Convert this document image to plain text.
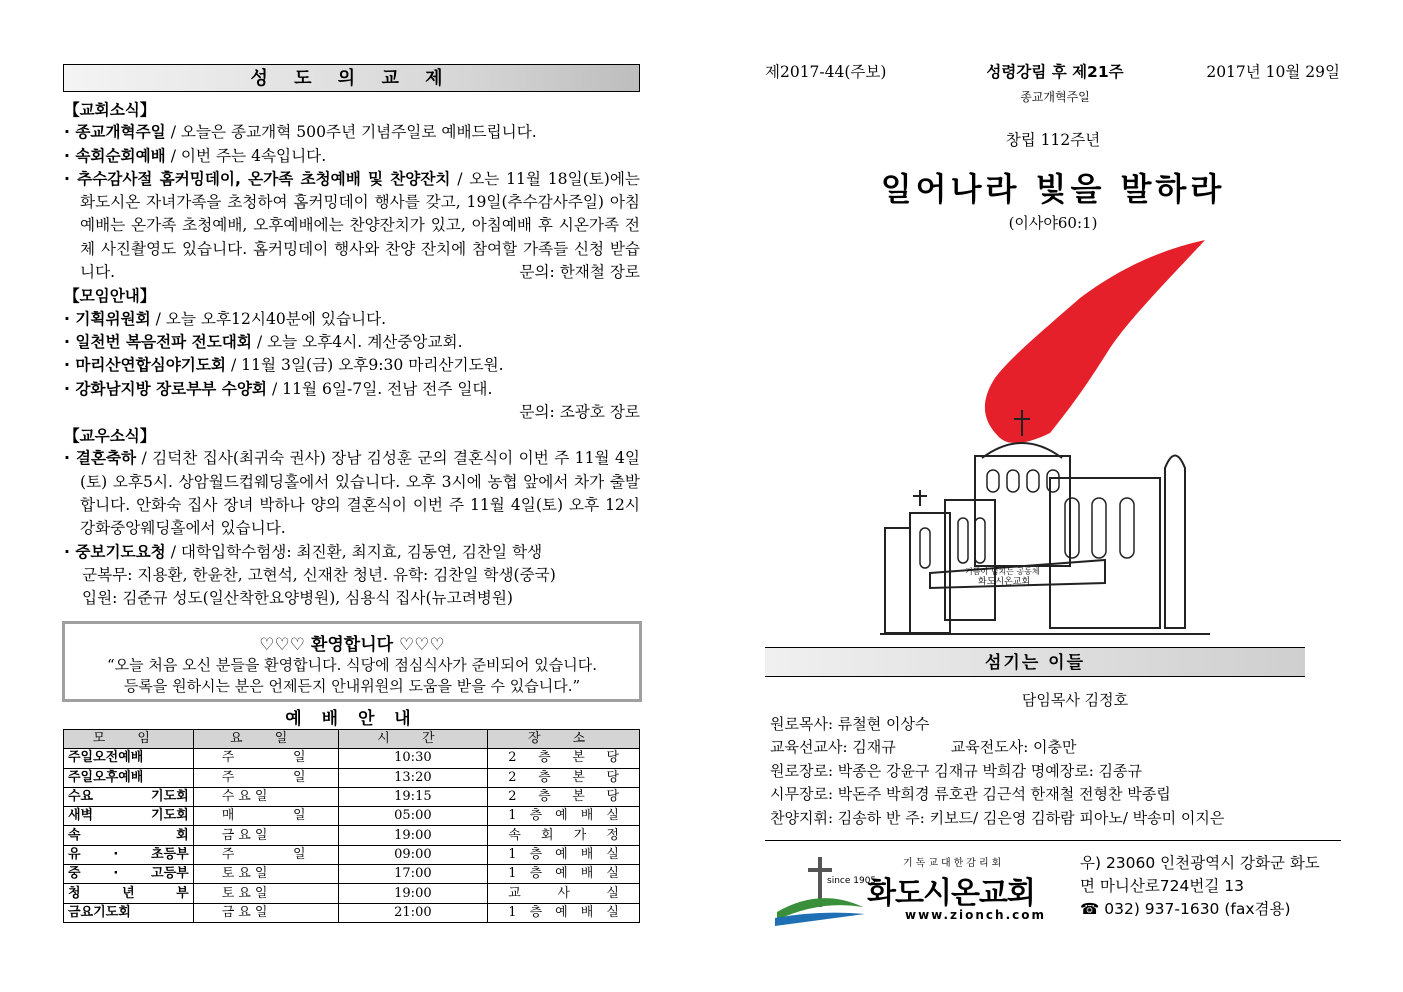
성 도 의 교 제
【교회소식】
· 종교개혁주일 / 오늘은 종교개혁 500주년 기념주일로 예배드립니다.
· 속회순회예배 / 이번 주는 4속입니다.
· 추수감사절 홈커밍데이, 온가족 초청예배 및 찬양잔치 / 오는 11월 18일(토)에는 화도시온 자녀가족을 초청하여 홈커밍데이 행사를 갖고, 19일(추수감사주일) 아침예배는 온가족 초청예배, 오후예배에는 찬양잔치가 있고, 아침예배 후 시온가족 전체 사진촬영도 있습니다. 홈커밍데이 행사와 찬양 잔치에 참여할 가족들 신청 받습니다.	문의: 한재철 장로
【모임안내】
· 기획위원회 / 오늘 오후12시40분에 있습니다.
· 일천번 복음전파 전도대회 / 오늘 오후4시. 계산중앙교회.
· 마리산연합심야기도회 / 11월 3일(금) 오후9:30 마리산기도원.
· 강화남지방 장로부부 수양회 / 11월 6일-7일. 전남 전주 일대.
문의: 조광호 장로
【교우소식】
· 결혼축하 / 김덕찬 집사(최귀숙 권사) 장남 김성훈 군의 결혼식이 이번 주 11월 4일(토) 오후5시. 상암월드컵웨딩홀에서 있습니다. 오후 3시에 농협 앞에서 차가 출발합니다. 안화숙 집사 장녀 박하나 양의 결혼식이 이번 주 11월 4일(토) 오후 12시 강화중앙웨딩홀에서 있습니다.
· 중보기도요청 / 대학입학수험생: 최진환, 최지효, 김동연, 김찬일 학생
군복무: 지용환, 한윤찬, 고현석, 신재찬 청년. 유학: 김찬일 학생(중국)
입원: 김준규 성도(일산착한요양병원), 심용식 집사(뉴고려병원)
♡♡♡ 환영합니다 ♡♡♡
“오늘 처음 오신 분들을 환영합니다. 식당에 점심식사가 준비되어 있습니다.
등록을 원하시는 분은 언제든지 안내위원의 도움을 받을 수 있습니다.”
예 배 안 내
모 임	요 일	시 간	장 소
주일오전예배	주 일	10:30	2 층 본 당
주일오후예배	주 일	13:20	2 층 본 당
수요 기도회	수요일	19:15	2 층 본 당
새벽 기도회	매 일	05:00	1 층 예 배 실
속 회	금요일	19:00	속 회 가 정
유 · 초등부	주 일	09:00	1 층 예 배 실
중 · 고등부	토요일	17:00	1 층 예 배 실
청 년 부	토요일	19:00	교 사 실
금요기도회	금요일	21:00	1 층 예 배 실
제2017-44(주보)	성령강림 후 제21주	2017년 10월 29일
종교개혁주일
창립 112주년
일어나라 빛을 발하라
(이사야60:1)
기쁨이 넘치는 공동체
화도시온교회
섬기는 이들
담임목사 김정호
원로목사: 류철현 이상수
교육선교사: 김재규	교육전도사: 이충만
원로장로: 박종은 강윤구 김재규 박희감 명예장로: 김종규
시무장로: 박돈주 박희경 류호관 김근석 한재철 전형찬 박종립
찬양지휘: 김송하 반 주: 키보드/ 김은영 김하람 피아노/ 박송미 이지은
since 1905
기독교대한감리회
화도시온교회
www.zionch.com
우) 23060 인천광역시 강화군 화도
면 마니산로724번길 13
☎ 032) 937-1630 (fax겸용)
